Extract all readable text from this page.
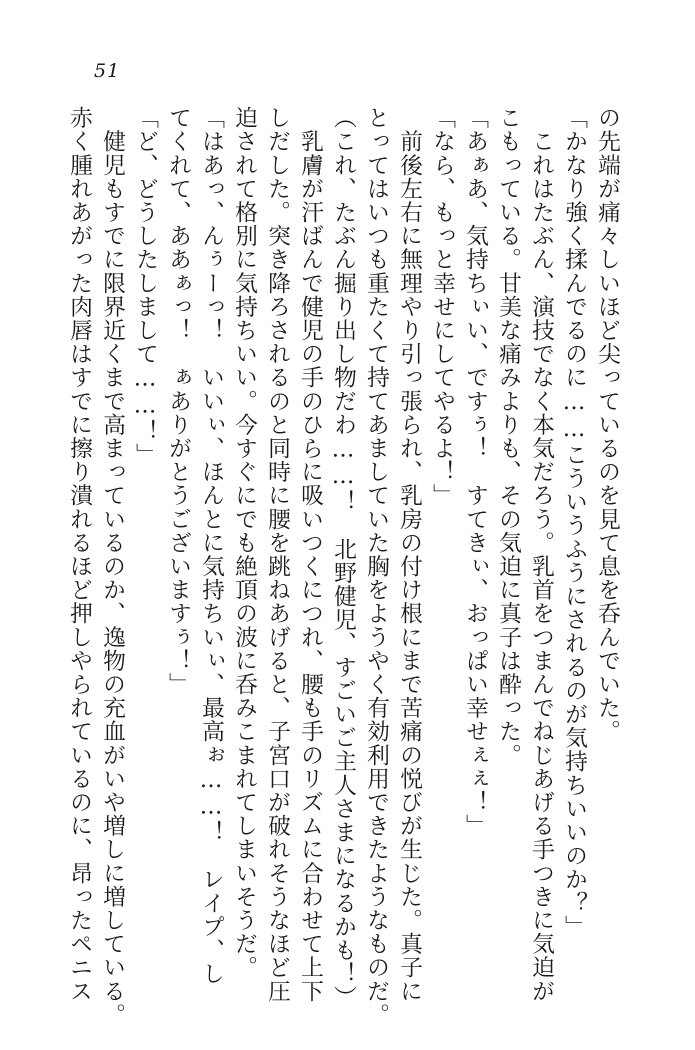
51
の先端が痛々しいほど尖っているのを見て息を呑んでいた。
「かなり強く揉んでるのに……こういうふうにされるのが気持ちいいのか？」
　これはたぶん、演技でなく本気だろう。乳首をつまんでねじあげる手つきに気迫が
こもっている。甘美な痛みよりも、その気迫に真子は酔った。
「あぁあ、気持ちぃい、ですぅ！　すてきぃ、おっぱい幸せぇぇ！」
「なら、もっと幸せにしてやるよ！」
　前後左右に無理やり引っ張られ、乳房の付け根にまで苦痛の悦びが生じた。真子に
とってはいつも重たくて持てあましていた胸をようやく有効利用できたようなものだ。
（これ、たぶん掘り出し物だわ……！　北野健児、すごいご主人さまになるかも！）
　乳膚が汗ばんで健児の手のひらに吸いつくにつれ、腰も手のリズムに合わせて上下
しだした。突き降ろされるのと同時に腰を跳ねあげると、子宮口が破れそうなほど圧
迫されて格別に気持ちいい。今すぐにでも絶頂の波に呑みこまれてしまいそうだ。
「はあっ、んぅーっ！　いいぃ、ほんとに気持ちいぃ、最高ぉ……！　レイプ、し
てくれて、ああぁっ！　ぁありがとうございますぅ！」
「ど、どうしたしまして……！」
　健児もすでに限界近くまで高まっているのか、逸物の充血がいや増しに増している。
赤く腫れあがった肉唇はすでに擦り潰れるほど押しやられているのに、昂ったペニス
